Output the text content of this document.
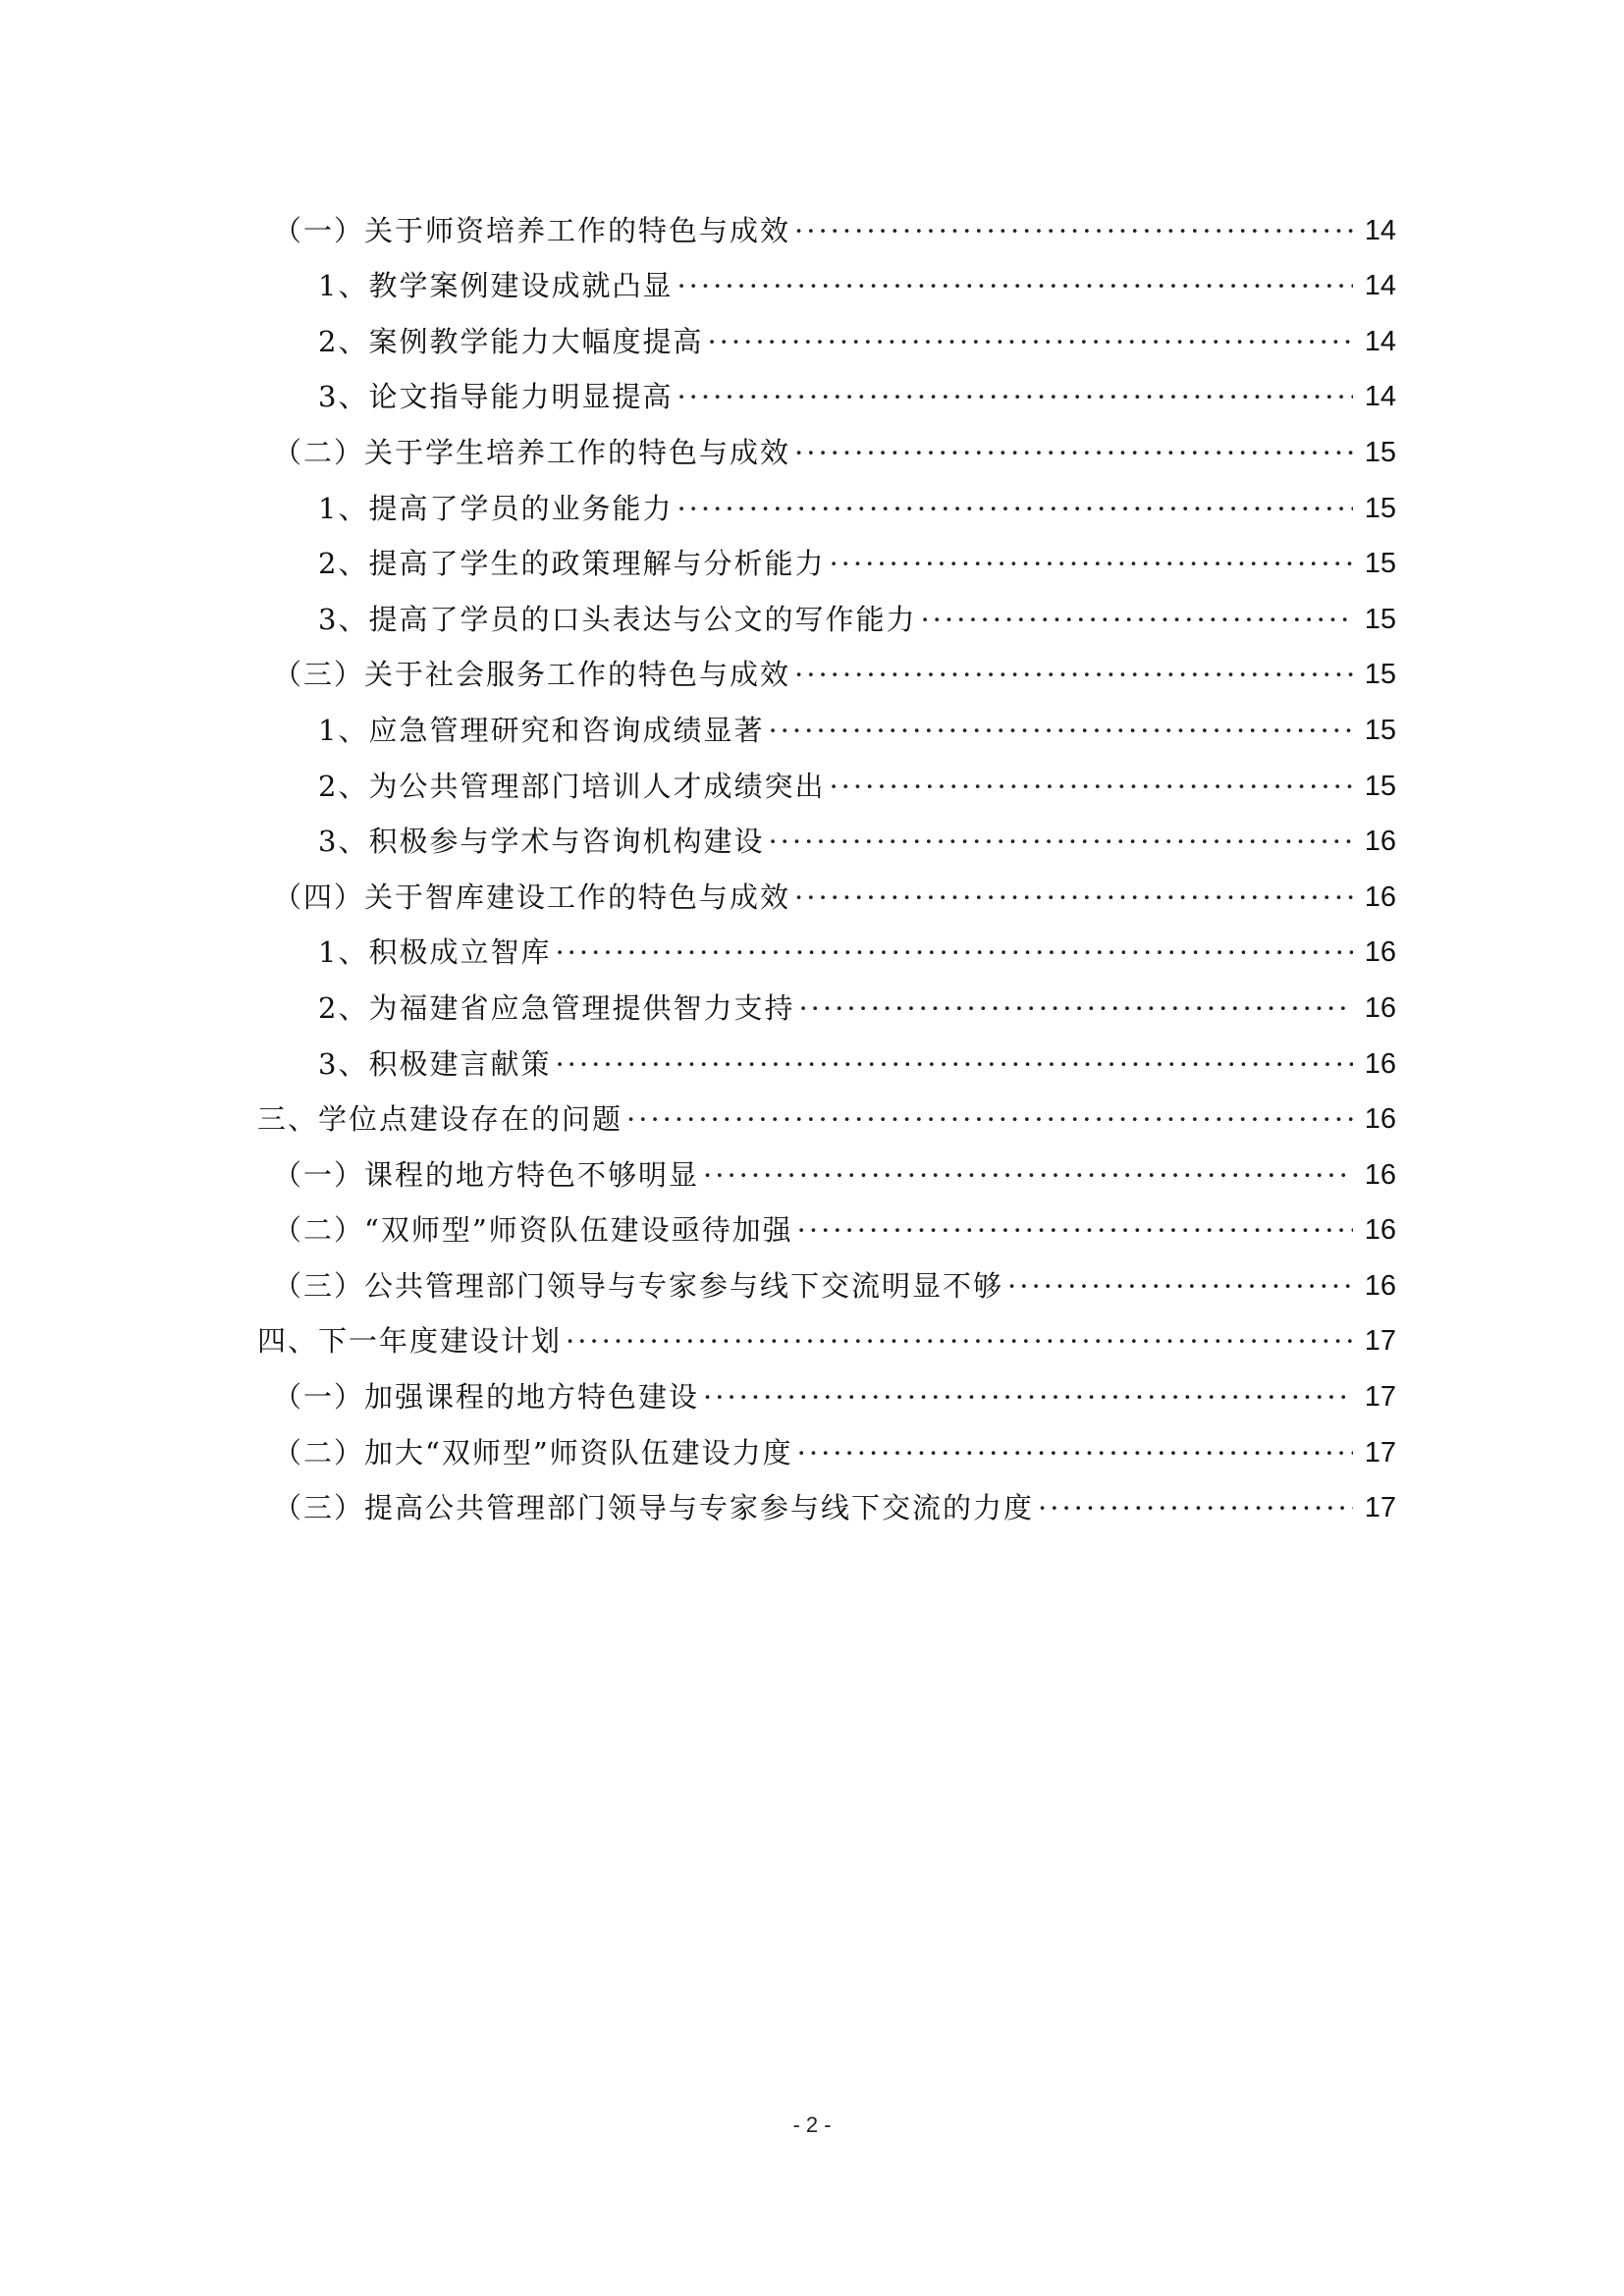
（一）关于师资培养工作的特色与成效 ·····	14
1、教学案例建设成就凸显 ·····	14
2、案例教学能力大幅度提高 ·····	14
3、论文指导能力明显提高 ·····	14
（二）关于学生培养工作的特色与成效 ·····	15
1、提高了学员的业务能力 ·····	15
2、提高了学生的政策理解与分析能力 ·····	15
3、提高了学员的口头表达与公文的写作能力 ·····	15
（三）关于社会服务工作的特色与成效 ·····	15
1、应急管理研究和咨询成绩显著 ·····	15
2、为公共管理部门培训人才成绩突出 ·····	15
3、积极参与学术与咨询机构建设 ·····	16
（四）关于智库建设工作的特色与成效 ·····	16
1、积极成立智库 ·····	16
2、为福建省应急管理提供智力支持 ·····	16
3、积极建言献策 ·····	16
三、学位点建设存在的问题 ·····	16
（一）课程的地方特色不够明显 ·····	16
（二）“双师型”师资队伍建设亟待加强 ·····	16
（三）公共管理部门领导与专家参与线下交流明显不够 ·····	16
四、下一年度建设计划 ·····	17
（一）加强课程的地方特色建设 ·····	17
（二）加大“双师型”师资队伍建设力度 ·····	17
（三）提高公共管理部门领导与专家参与线下交流的力度 ·····	17
- 2 -
